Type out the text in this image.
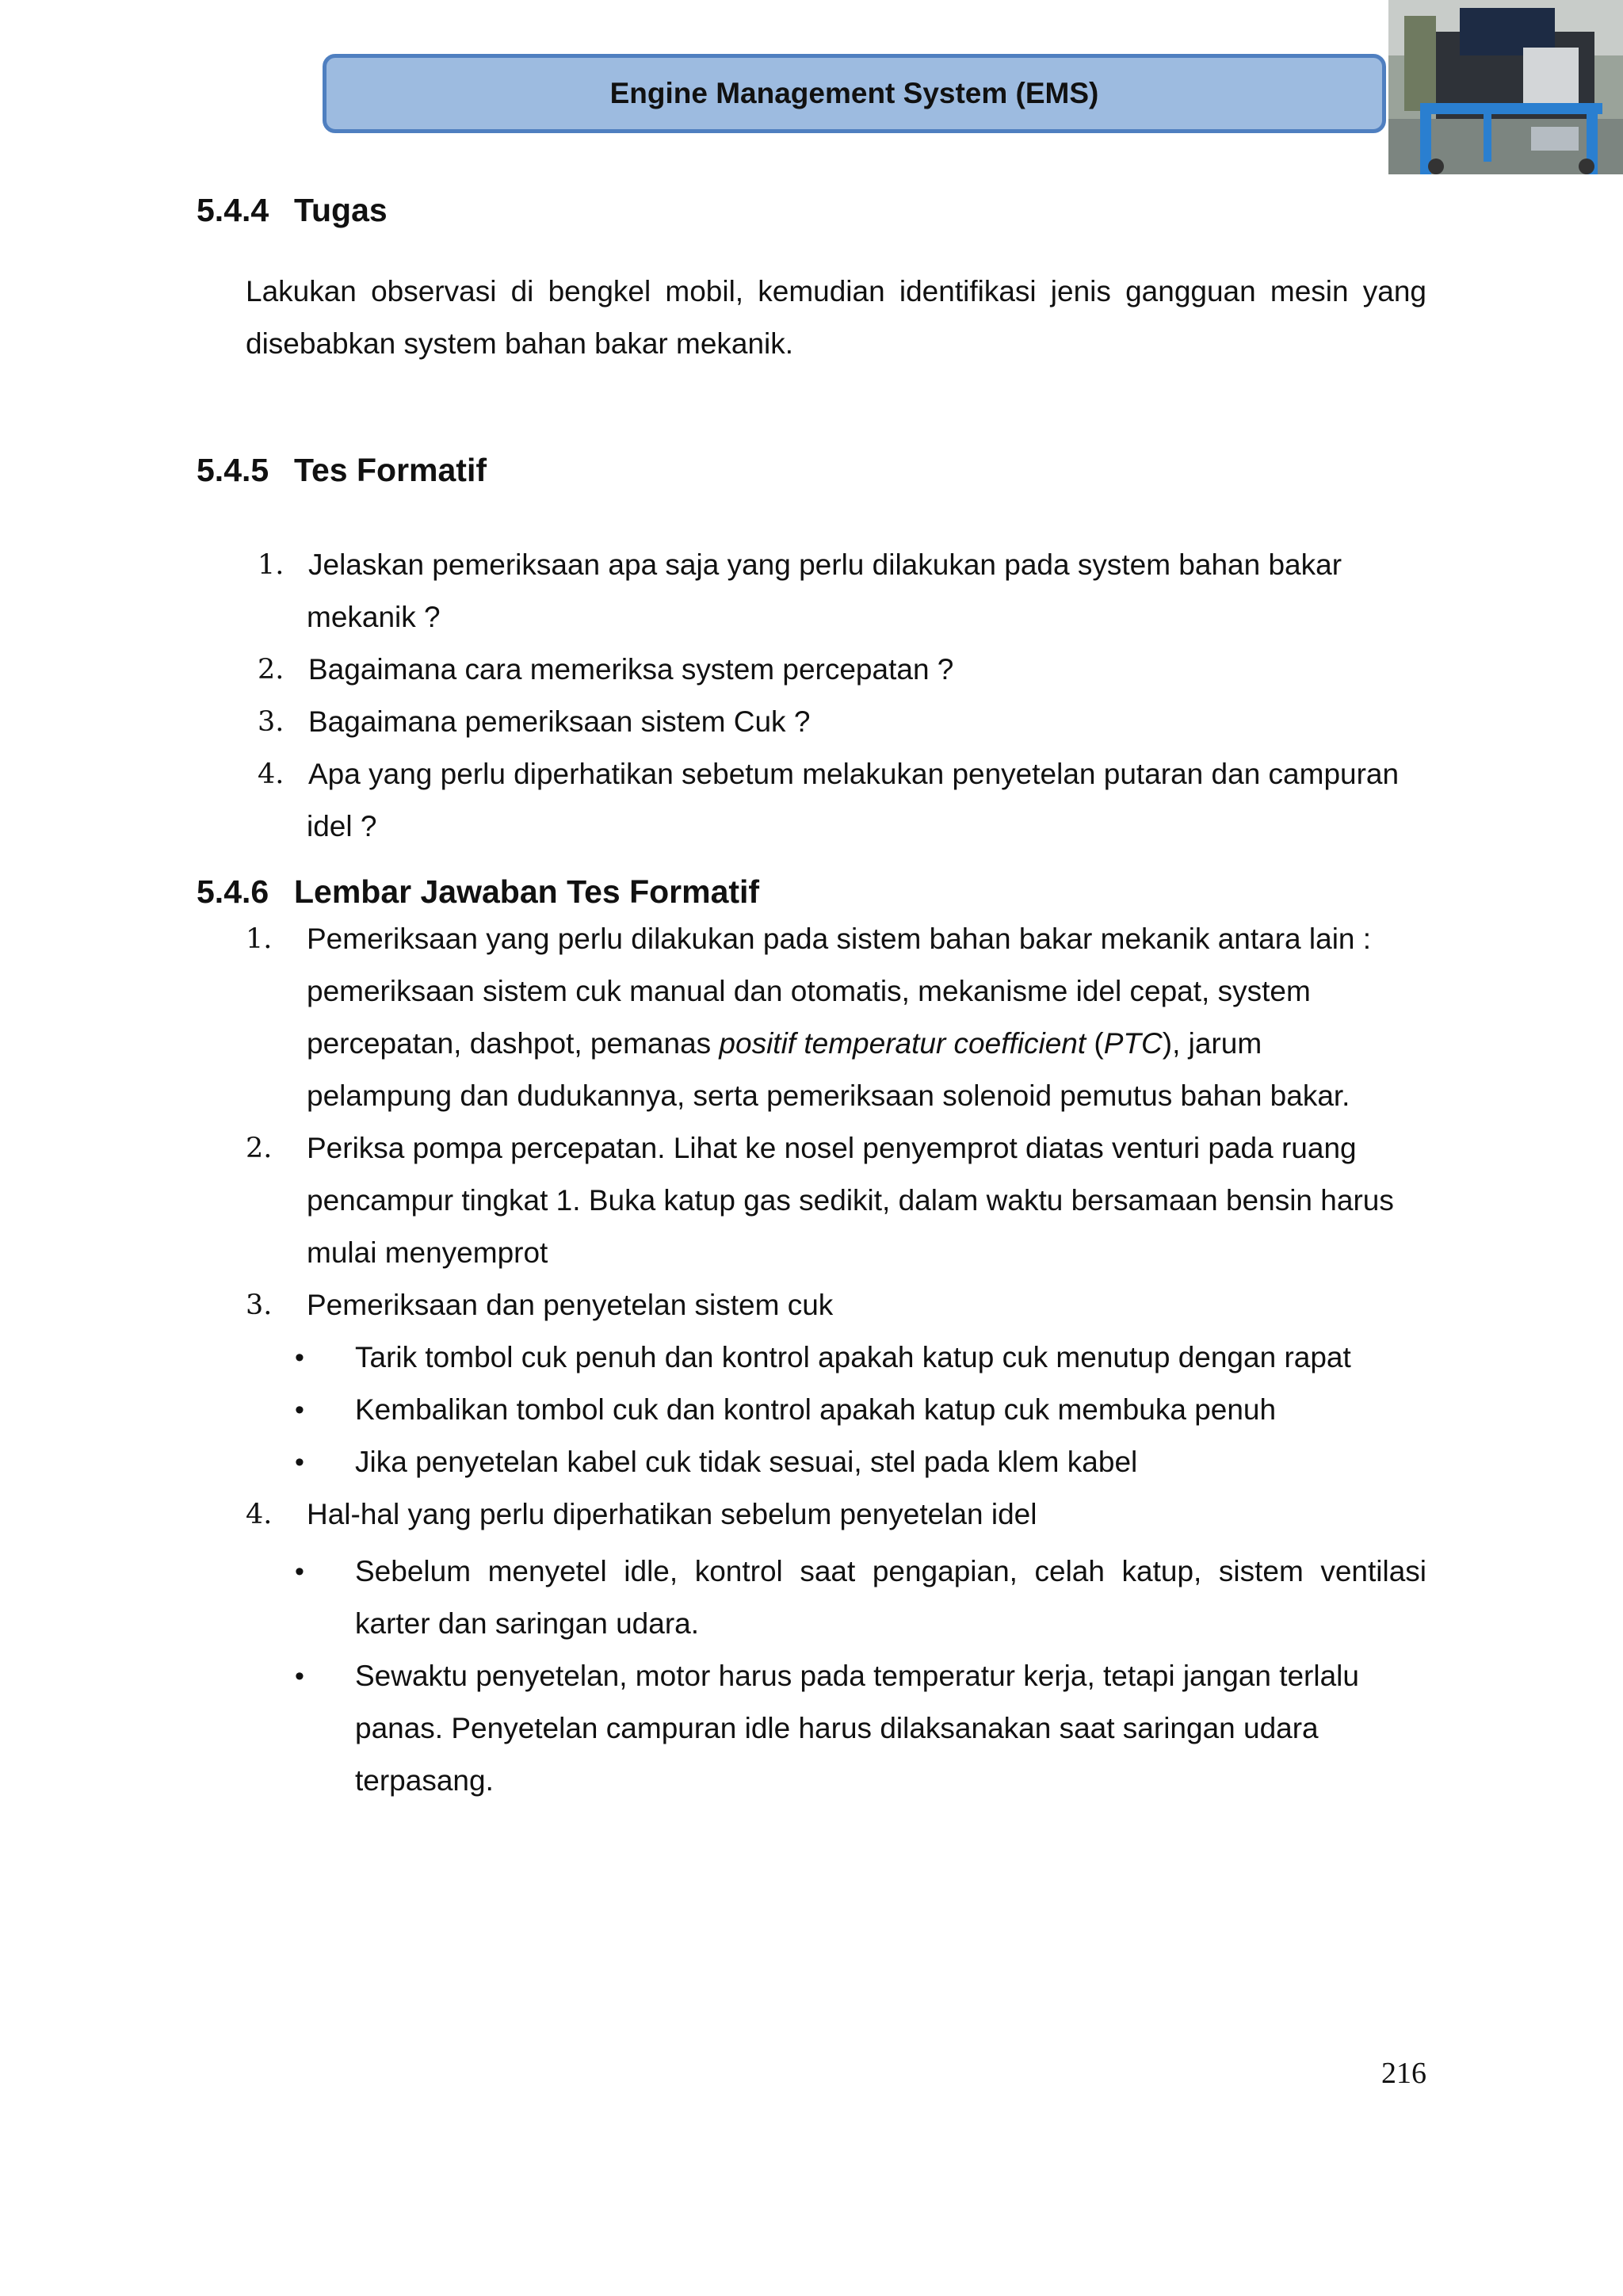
Engine Management System (EMS)
5.4.4 Tugas
Lakukan observasi di bengkel mobil, kemudian identifikasi jenis gangguan mesin yang
disebabkan system bahan bakar mekanik.
5.4.5 Tes Formatif
1. Jelaskan pemeriksaan apa saja yang perlu dilakukan pada system bahan bakar
mekanik ?
2. Bagaimana cara memeriksa system percepatan ?
3. Bagaimana pemeriksaan sistem Cuk ?
4. Apa yang perlu diperhatikan sebetum melakukan penyetelan putaran dan campuran
idel ?
5.4.6 Lembar Jawaban Tes Formatif
1. Pemeriksaan yang perlu dilakukan pada sistem bahan bakar mekanik antara lain :
pemeriksaan sistem cuk manual dan otomatis, mekanisme idel cepat, system
percepatan, dashpot, pemanas positif temperatur coefficient (PTC), jarum
pelampung dan dudukannya, serta pemeriksaan solenoid pemutus bahan bakar.
2. Periksa pompa percepatan. Lihat ke nosel penyemprot diatas venturi pada ruang
pencampur tingkat 1. Buka katup gas sedikit, dalam waktu bersamaan bensin harus
mulai menyemprot
3. Pemeriksaan dan penyetelan sistem cuk
• Tarik tombol cuk penuh dan kontrol apakah katup cuk menutup dengan rapat
• Kembalikan tombol cuk dan kontrol apakah katup cuk membuka penuh
• Jika penyetelan kabel cuk tidak sesuai, stel pada klem kabel
4. Hal-hal yang perlu diperhatikan sebelum penyetelan idel
• Sebelum menyetel idle, kontrol saat pengapian, celah katup, sistem ventilasi
karter dan saringan udara.
• Sewaktu penyetelan, motor harus pada temperatur kerja, tetapi jangan terlalu
panas. Penyetelan campuran idle harus dilaksanakan saat saringan udara
terpasang.
216
